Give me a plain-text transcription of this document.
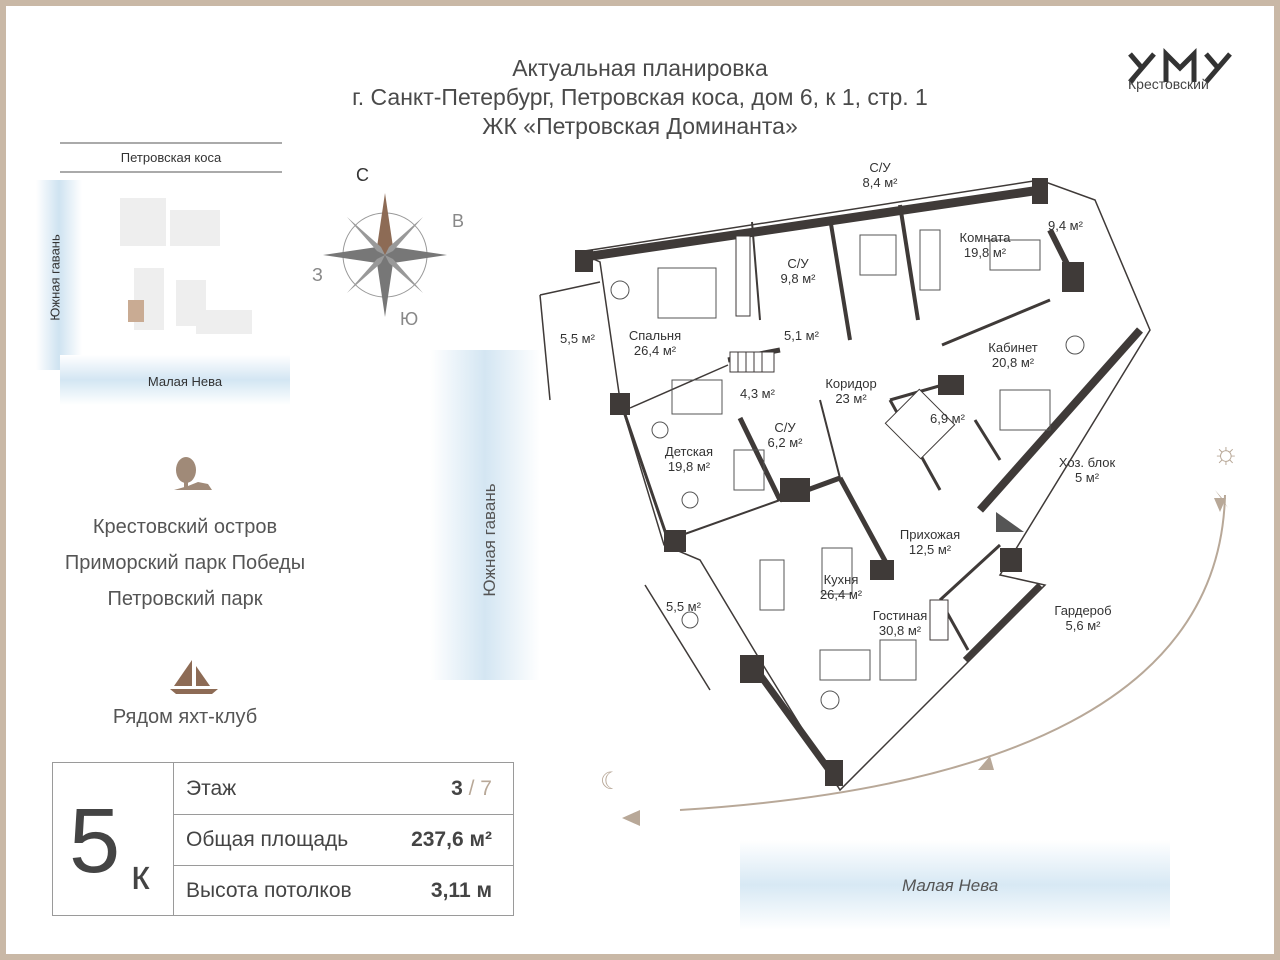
Актуальная планировка
г. Санкт-Петербург, Петровская коса, дом 6, к 1, стр. 1
ЖК «Петровская Доминанта»
Крестовский
Петровская коса
Южная гавань
Малая Нева
С
В
З
Ю
С/У
8,4 м²
С/У
9,8 м²
Комната
19,8 м²
9,4 м²
5,5 м²	Спальня
26,4 м²
5,1 м²
Кабинет
20,8 м²
Коридор
23 м²
4,3 м²
С/У
6,2 м²
6,9 м²
Детская
19,8 м²	Хоз. блок
5 м²
Прихожая
12,5 м²
Кухня
26,4 м²
5,5 м²
Гостиная
30,8 м²
Гардероб
5,6 м²
Южная гавань
Малая Нева
☼
☾
Крестовский остров
Приморский парк Победы
Петровский парк
Рядом яхт-клуб
5 к
Этаж	3 / 7
Общая площадь	237,6 м²
Высота потолков	3,11 м
